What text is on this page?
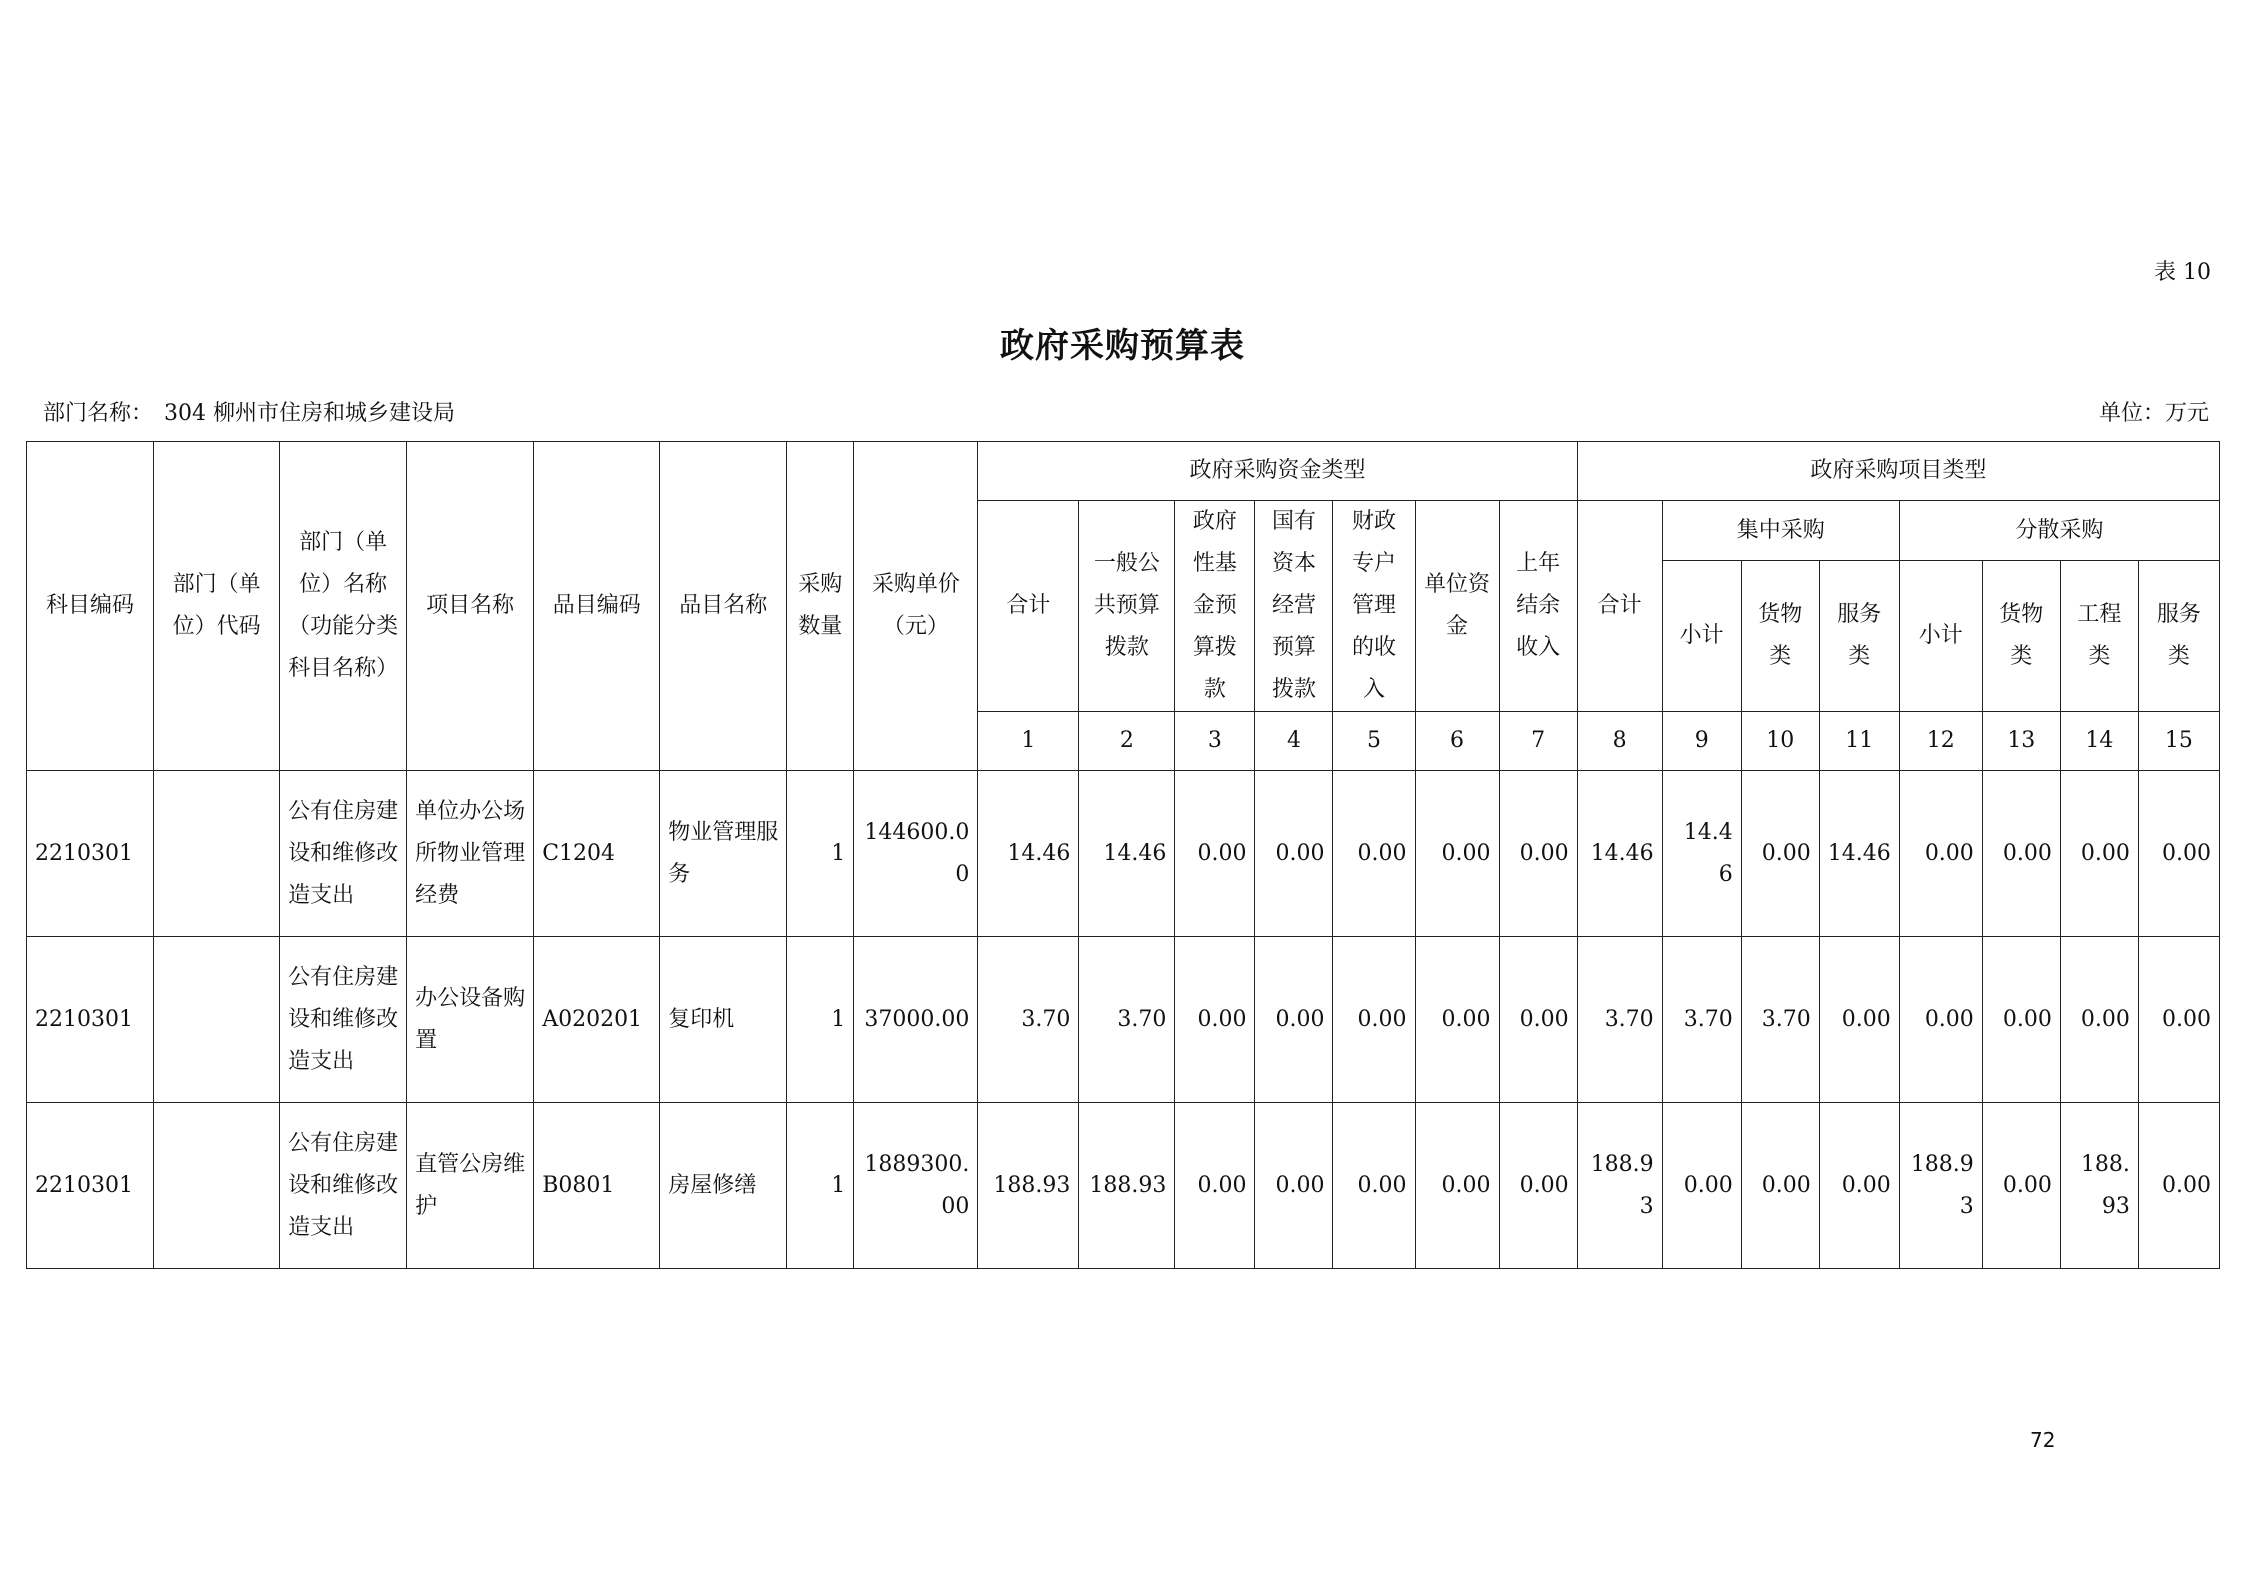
表 10
政府采购预算表
部门名称：　304 柳州市住房和城乡建设局	单位：万元
科目编码	部门（单位）代码	部门（单位）名称（功能分类科目名称）	项目名称	品目编码	品目名称	采购数量	采购单价（元）	政府采购资金类型							政府采购项目类型							
								合计	一般公共预算拨款	政府性基金预算拨款	国有资本经营预算拨款	财政专户管理的收入	单位资金	上年结余收入	合计	集中采购			分散采购			
																小计	货物类	服务类	小计	货物类	工程类	服务类
								1	2	3	4	5	6	7	8	9	10	11	12	13	14	15
2210301		公有住房建设和维修改造支出	单位办公场所物业管理经费	C1204	物业管理服务	1	144600.00	14.46	14.46	0.00	0.00	0.00	0.00	0.00	14.46	14.46	0.00	14.46	0.00	0.00	0.00	0.00
2210301		公有住房建设和维修改造支出	办公设备购置	A020201	复印机	1	37000.00	3.70	3.70	0.00	0.00	0.00	0.00	0.00	3.70	3.70	3.70	0.00	0.00	0.00	0.00	0.00
2210301		公有住房建设和维修改造支出	直管公房维护	B0801	房屋修缮	1	1889300.00	188.93	188.93	0.00	0.00	0.00	0.00	0.00	188.93	0.00	0.00	0.00	188.93	0.00	188.93	0.00
72
